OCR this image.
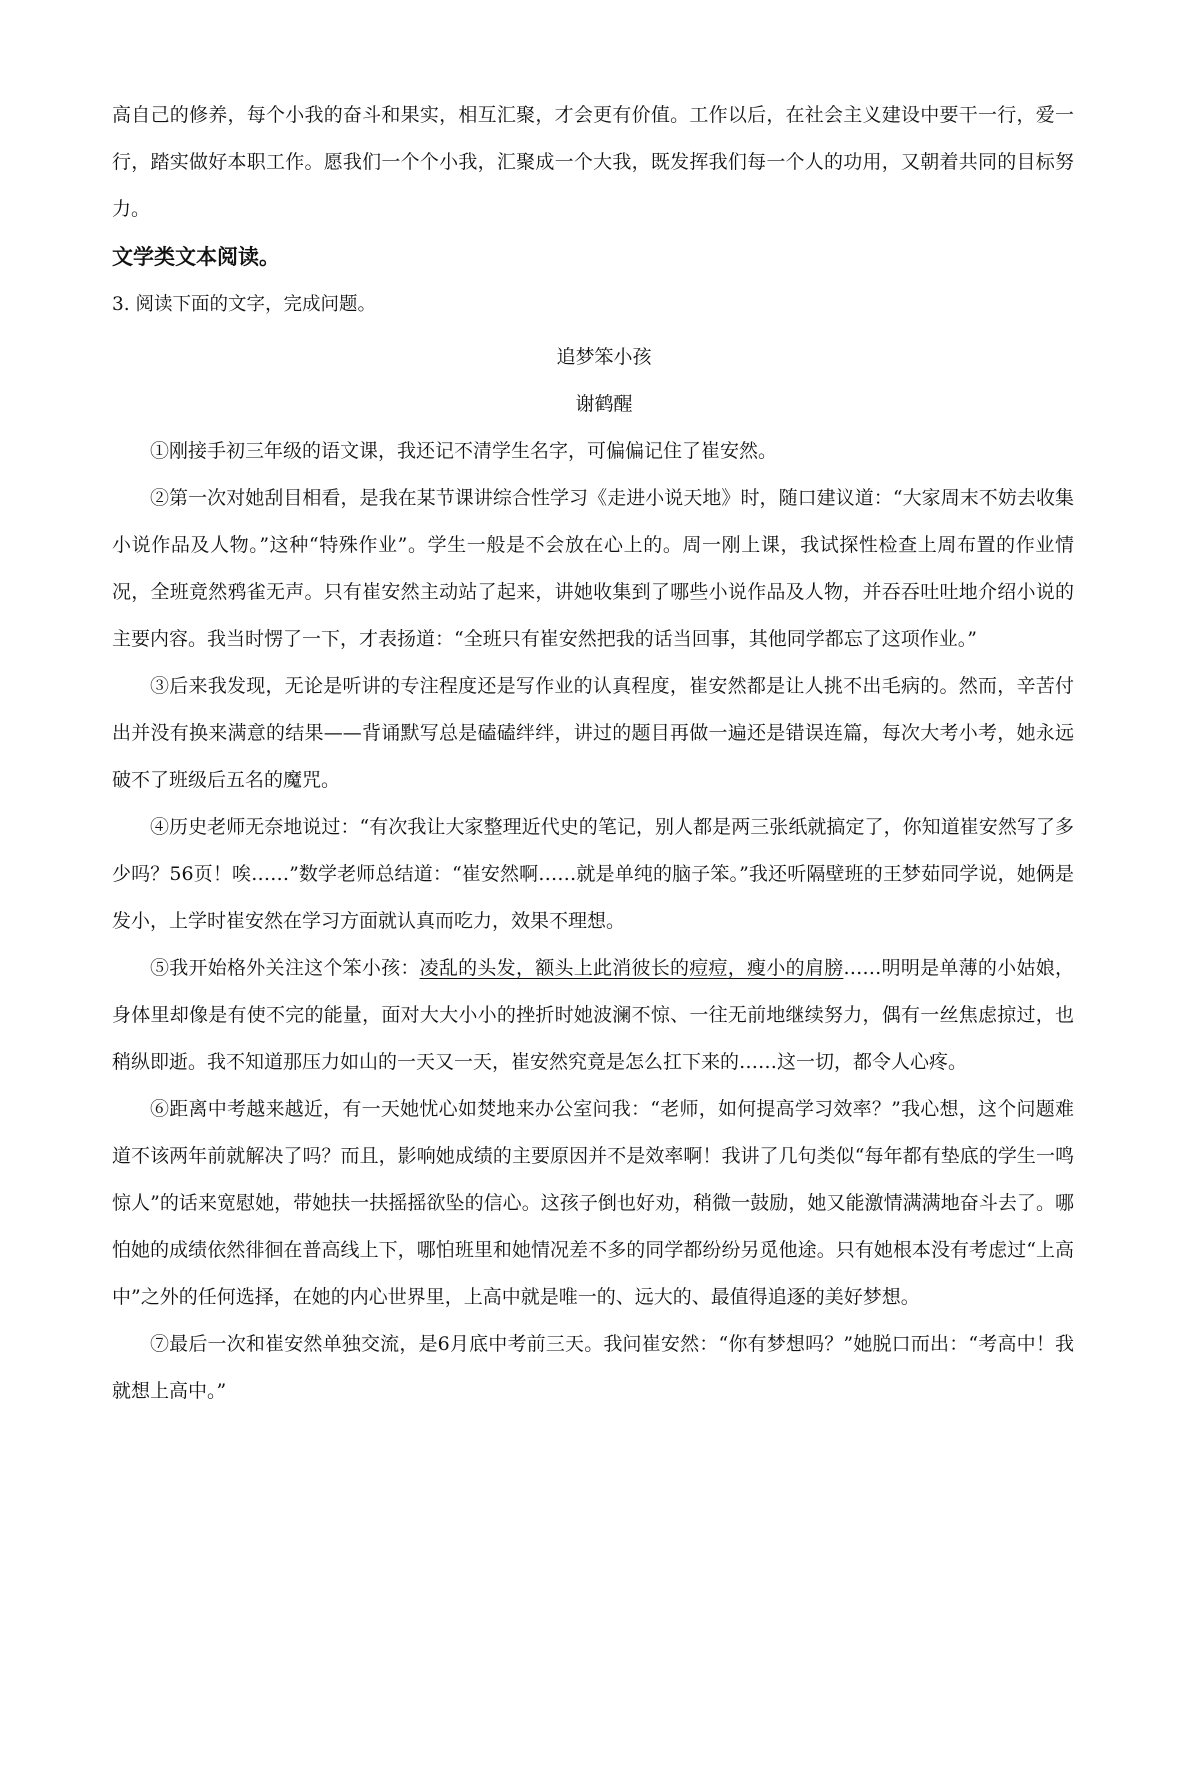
高自己的修养，每个小我的奋斗和果实，相互汇聚，才会更有价值。工作以后，在社会主义建设中要干一行，爱一行，踏实做好本职工作。愿我们一个个小我，汇聚成一个大我，既发挥我们每一个人的功用，又朝着共同的目标努力。

文学类文本阅读。

3. 阅读下面的文字，完成问题。

追梦笨小孩

谢鹤醒

①刚接手初三年级的语文课，我还记不清学生名字，可偏偏记住了崔安然。

②第一次对她刮目相看，是我在某节课讲综合性学习《走进小说天地》时，随口建议道：“大家周末不妨去收集小说作品及人物。”这种“特殊作业”。学生一般是不会放在心上的。周一刚上课，我试探性检查上周布置的作业情况，全班竟然鸦雀无声。只有崔安然主动站了起来，讲她收集到了哪些小说作品及人物，并吞吞吐吐地介绍小说的主要内容。我当时愣了一下，才表扬道：“全班只有崔安然把我的话当回事，其他同学都忘了这项作业。”

③后来我发现，无论是听讲的专注程度还是写作业的认真程度，崔安然都是让人挑不出毛病的。然而，辛苦付出并没有换来满意的结果——背诵默写总是磕磕绊绊，讲过的题目再做一遍还是错误连篇，每次大考小考，她永远破不了班级后五名的魔咒。

④历史老师无奈地说过：“有次我让大家整理近代史的笔记，别人都是两三张纸就搞定了，你知道崔安然写了多少吗？56页！唉……”数学老师总结道：“崔安然啊……就是单纯的脑子笨。”我还听隔壁班的王梦茹同学说，她俩是发小，上学时崔安然在学习方面就认真而吃力，效果不理想。

⑤我开始格外关注这个笨小孩：凌乱的头发，额头上此消彼长的痘痘，瘦小的肩膀……明明是单薄的小姑娘，身体里却像是有使不完的能量，面对大大小小的挫折时她波澜不惊、一往无前地继续努力，偶有一丝焦虑掠过，也稍纵即逝。我不知道那压力如山的一天又一天，崔安然究竟是怎么扛下来的……这一切，都令人心疼。

⑥距离中考越来越近，有一天她忧心如焚地来办公室问我：“老师，如何提高学习效率？”我心想，这个问题难道不该两年前就解决了吗？而且，影响她成绩的主要原因并不是效率啊！我讲了几句类似“每年都有垫底的学生一鸣惊人”的话来宽慰她，带她扶一扶摇摇欲坠的信心。这孩子倒也好劝，稍微一鼓励，她又能激情满满地奋斗去了。哪怕她的成绩依然徘徊在普高线上下，哪怕班里和她情况差不多的同学都纷纷另觅他途。只有她根本没有考虑过“上高中”之外的任何选择，在她的内心世界里，上高中就是唯一的、远大的、最值得追逐的美好梦想。

⑦最后一次和崔安然单独交流，是6月底中考前三天。我问崔安然：“你有梦想吗？”她脱口而出：“考高中！我就想上高中。”
